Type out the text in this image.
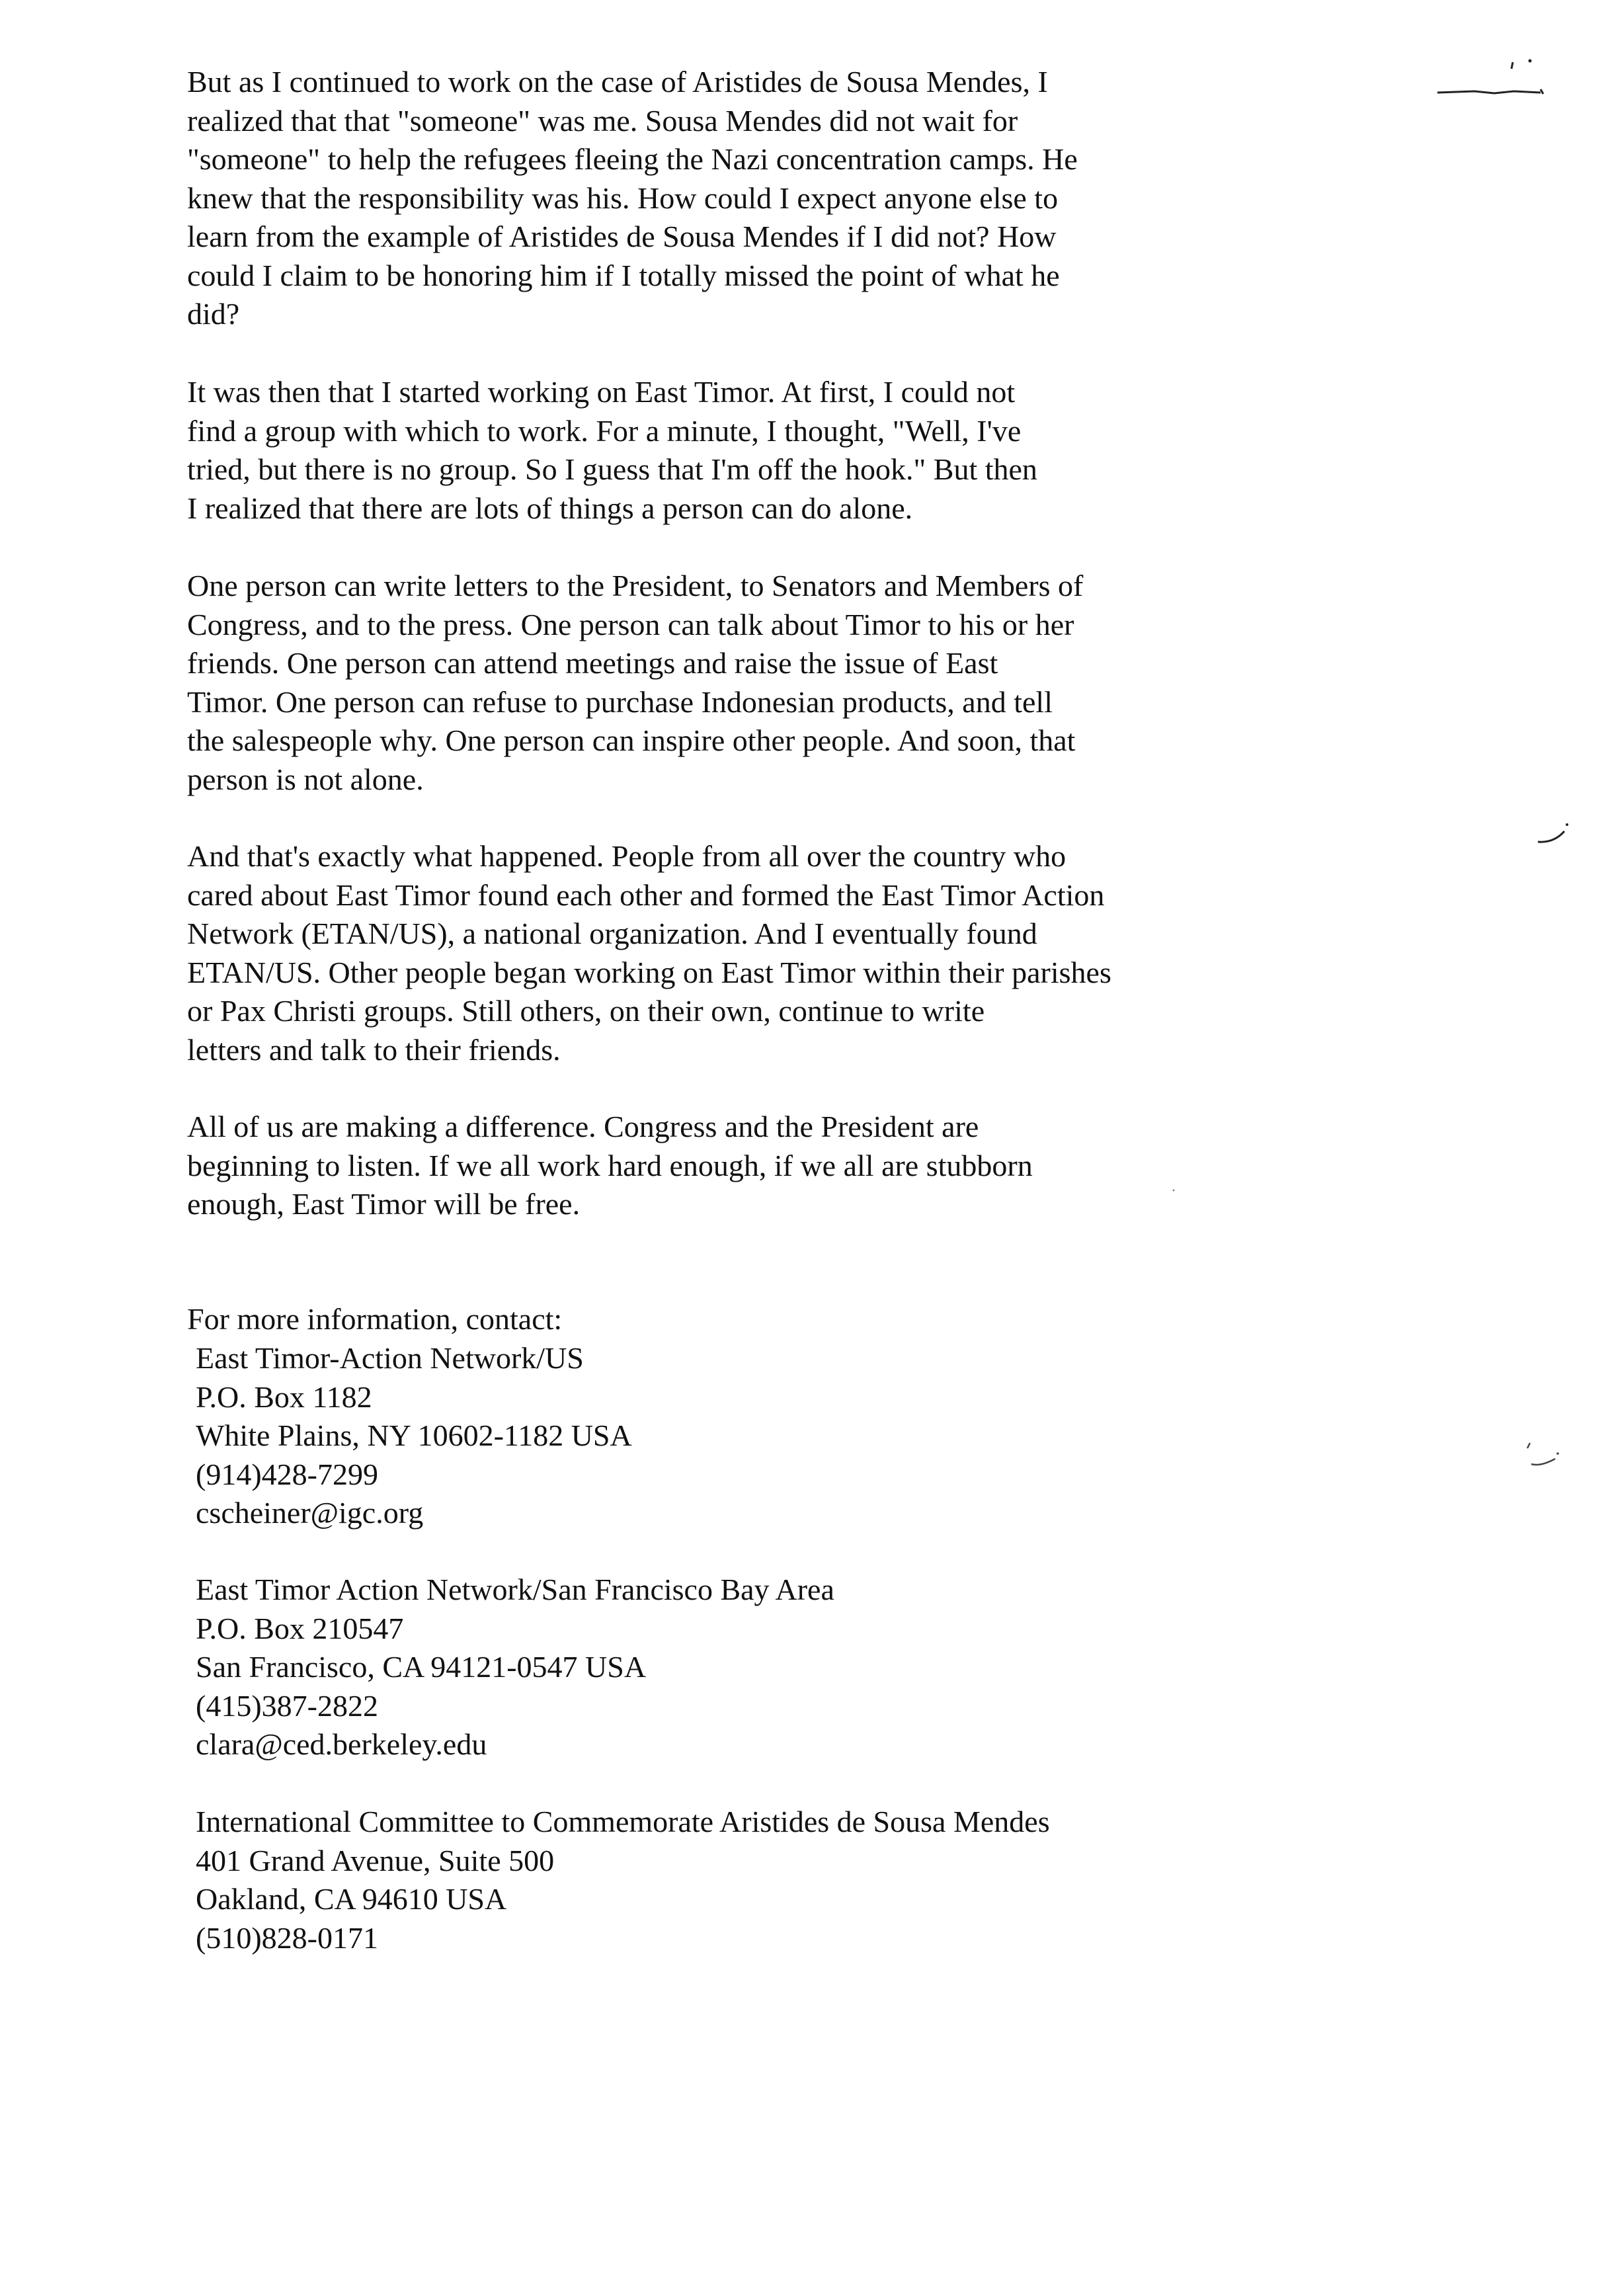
But as I continued to work on the case of Aristides de Sousa Mendes, I
realized that that "someone" was me. Sousa Mendes did not wait for
"someone" to help the refugees fleeing the Nazi concentration camps. He
knew that the responsibility was his. How could I expect anyone else to
learn from the example of Aristides de Sousa Mendes if I did not? How
could I claim to be honoring him if I totally missed the point of what he
did?
It was then that I started working on East Timor. At first, I could not
find a group with which to work. For a minute, I thought, "Well, I've
tried, but there is no group. So I guess that I'm off the hook." But then
I realized that there are lots of things a person can do alone.
One person can write letters to the President, to Senators and Members of
Congress, and to the press. One person can talk about Timor to his or her
friends. One person can attend meetings and raise the issue of East
Timor. One person can refuse to purchase Indonesian products, and tell
the salespeople why. One person can inspire other people. And soon, that
person is not alone.
And that's exactly what happened. People from all over the country who
cared about East Timor found each other and formed the East Timor Action
Network (ETAN/US), a national organization. And I eventually found
ETAN/US. Other people began working on East Timor within their parishes
or Pax Christi groups. Still others, on their own, continue to write
letters and talk to their friends.
All of us are making a difference. Congress and the President are
beginning to listen. If we all work hard enough, if we all are stubborn
enough, East Timor will be free.
For more information, contact:
East Timor-Action Network/US
P.O. Box 1182
White Plains, NY 10602-1182 USA
(914)428-7299
cscheiner@igc.org
East Timor Action Network/San Francisco Bay Area
P.O. Box 210547
San Francisco, CA 94121-0547 USA
(415)387-2822
clara@ced.berkeley.edu
International Committee to Commemorate Aristides de Sousa Mendes
401 Grand Avenue, Suite 500
Oakland, CA 94610 USA
(510)828-0171
